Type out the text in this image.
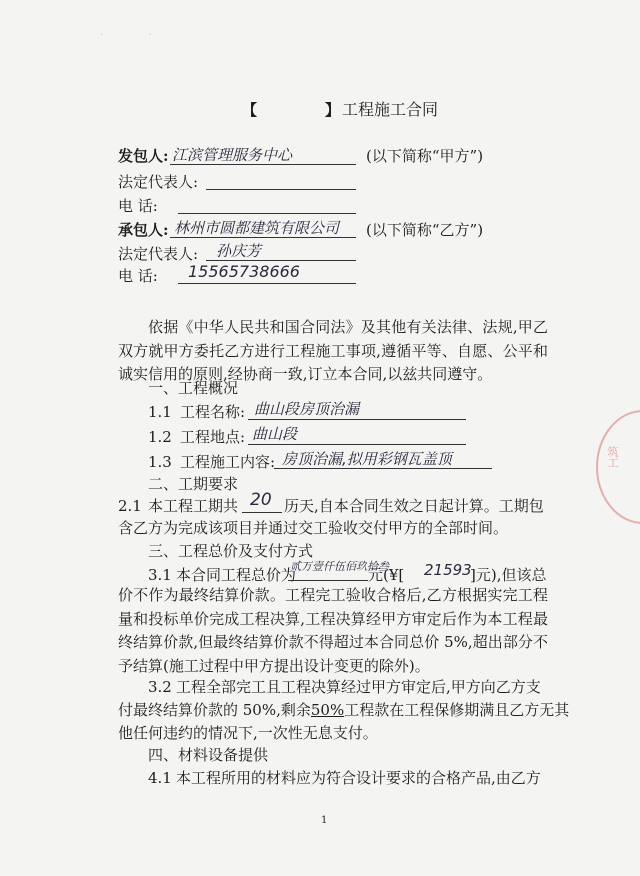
.                .
【	】 工程施工合同
发包人: 江滨管理服务中心	(以下简称“甲方”)
法定代表人:
电 话:
承包人: 林州市圆都建筑有限公司 (以下简称“乙方”)
法定代表人: 孙庆芳
电 话: 15565738666
依据《中华人民共和国合同法》及其他有关法律、法规,甲乙双方就甲方委托乙方进行工程施工事项,遵循平等、自愿、公平和诚实信用的原则,经协商一致,订立本合同,以兹共同遵守。
一、工程概况
1.1 工程名称: 曲山段房顶治漏
1.2 工程地点: 曲山段
1.3 工程施工内容: 房顶治漏,拟用彩钢瓦盖顶
二、工期要求
2.1 本工程工期共 20 历天,自本合同生效之日起计算。工期包
含乙方为完成该项目并通过交工验收交付甲方的全部时间。
三、工程总价及支付方式
3.1 本合同工程总价为
贰万壹仟伍佰玖拾叁
元(¥[ 21593
]元),但该总
价不作为最终结算价款。工程完工验收合格后,乙方根据实完工程量和投标单价完成工程决算,工程决算经甲方审定后作为本工程最终结算价款,但最终结算价款不得超过本合同总价 5%,超出部分不予结算(施工过程中甲方提出设计变更的除外)。
3.2 工程全部完工且工程决算经过甲方审定后,甲方向乙方支
付最终结算价款的 50%,剩余50%工程款在工程保修期满且乙方无其
他任何违约的情况下,一次性无息支付。
四、材料设备提供
4.1 本工程所用的材料应为符合设计要求的合格产品,由乙方
筑工
1
